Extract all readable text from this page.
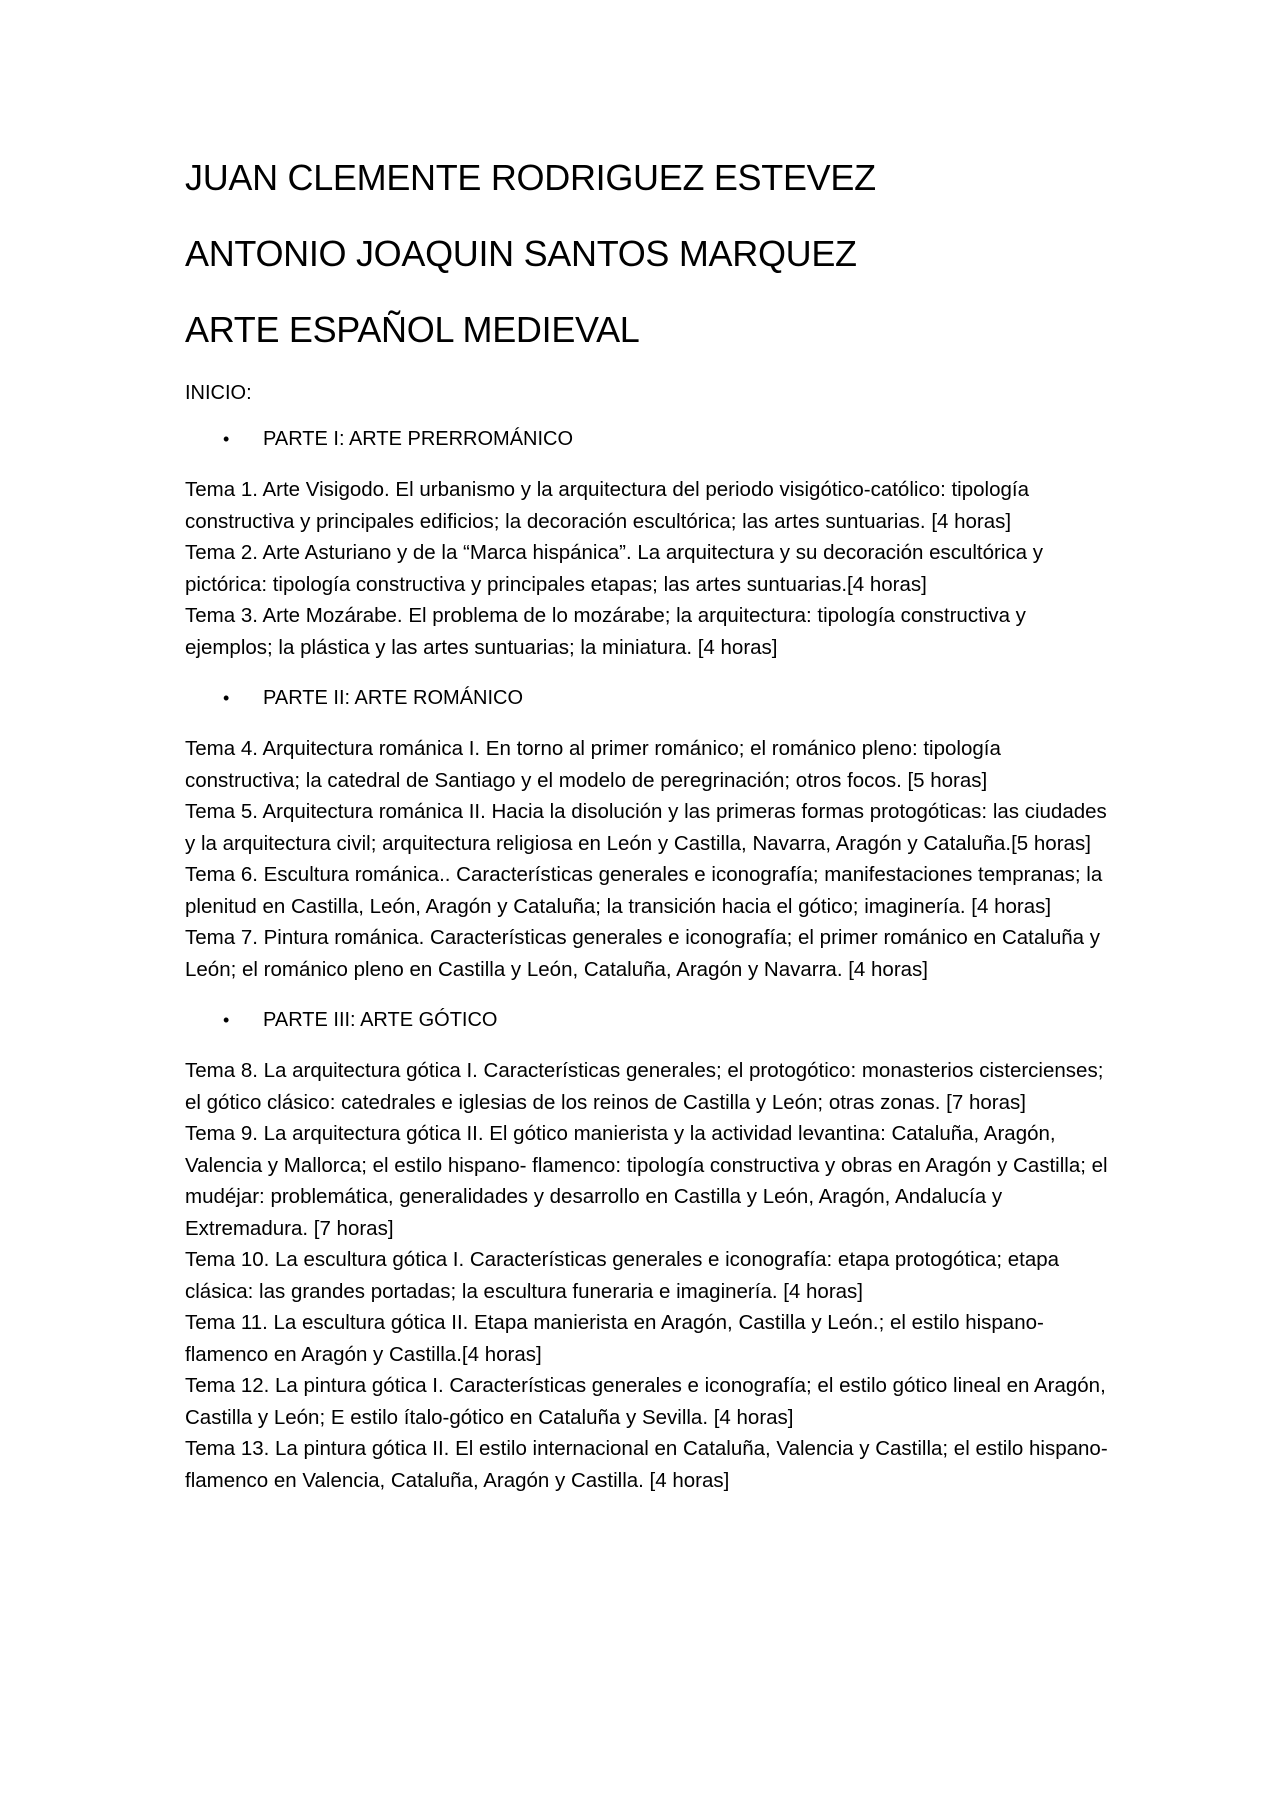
JUAN CLEMENTE RODRIGUEZ ESTEVEZ
ANTONIO JOAQUIN SANTOS MARQUEZ
ARTE ESPAÑOL MEDIEVAL

INICIO:

•	PARTE I: ARTE PRERROMÁNICO

Tema 1. Arte Visigodo. El urbanismo y la arquitectura del periodo visigótico-católico: tipología constructiva y principales edificios; la decoración escultórica; las artes suntuarias. [4 horas]

Tema 2. Arte Asturiano y de la “Marca hispánica”. La arquitectura y su decoración escultórica y pictórica: tipología constructiva y principales etapas; las artes suntuarias.[4 horas]

Tema 3. Arte Mozárabe. El problema de lo mozárabe; la arquitectura: tipología constructiva y ejemplos; la plástica y las artes suntuarias; la miniatura. [4 horas]

•	PARTE II: ARTE ROMÁNICO

Tema 4. Arquitectura románica I. En torno al primer románico; el románico pleno: tipología constructiva; la catedral de Santiago y el modelo de peregrinación; otros focos. [5 horas]

Tema 5. Arquitectura románica II. Hacia la disolución y las primeras formas protogóticas: las ciudades y la arquitectura civil; arquitectura religiosa en León y Castilla, Navarra, Aragón y Cataluña.[5 horas]

Tema 6. Escultura románica.. Características generales e iconografía; manifestaciones tempranas; la plenitud en Castilla, León, Aragón y Cataluña; la transición hacia el gótico; imaginería. [4 horas]

Tema 7. Pintura románica. Características generales e iconografía; el primer románico en Cataluña y León; el románico pleno en Castilla y León, Cataluña, Aragón y Navarra. [4 horas]

•	PARTE III: ARTE GÓTICO

Tema 8. La arquitectura gótica I. Características generales; el protogótico: monasterios cistercienses; el gótico clásico: catedrales e iglesias de los reinos de Castilla y León; otras zonas. [7 horas]

Tema 9. La arquitectura gótica II. El gótico manierista y la actividad levantina: Cataluña, Aragón, Valencia y Mallorca; el estilo hispano- flamenco: tipología constructiva y obras en Aragón y Castilla; el mudéjar: problemática, generalidades y desarrollo en Castilla y León, Aragón, Andalucía y Extremadura. [7 horas]

Tema 10. La escultura gótica I. Características generales e iconografía: etapa protogótica; etapa clásica: las grandes portadas; la escultura funeraria e imaginería. [4 horas]

Tema 11. La escultura gótica II. Etapa manierista en Aragón, Castilla y León.; el estilo hispano-flamenco en Aragón y Castilla.[4 horas]

Tema 12. La pintura gótica I. Características generales e iconografía; el estilo gótico lineal en Aragón, Castilla y León; E estilo ítalo-gótico en Cataluña y Sevilla. [4 horas]

Tema 13. La pintura gótica II. El estilo internacional en Cataluña, Valencia y Castilla; el estilo hispano-flamenco en Valencia, Cataluña, Aragón y Castilla. [4 horas]
